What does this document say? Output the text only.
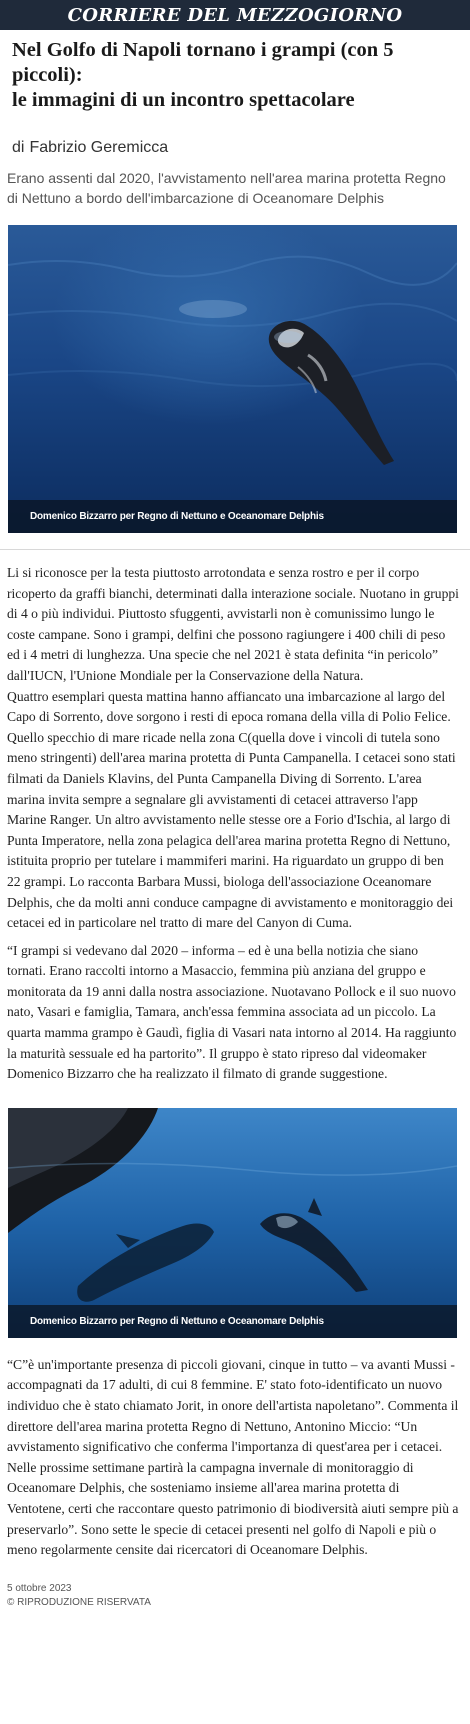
CORRIERE DEL MEZZOGIORNO
Nel Golfo di Napoli tornano i grampi (con 5 piccoli):
le immagini di un incontro spettacolare
di Fabrizio Geremicca

Erano assenti dal 2020, l'avvistamento nell'area marina protetta Regno di Nettuno a bordo dell'imbarcazione di Oceanomare Delphis

Domenico Bizzarro per Regno di Nettuno e Oceanomare Delphis

Li si riconosce per la testa piuttosto arrotondata e senza rostro e per il corpo ricoperto da graffi bianchi, determinati dalla interazione sociale. Nuotano in gruppi di 4 o più individui. Piuttosto sfuggenti, avvistarli non è comunissimo lungo le coste campane. Sono i grampi, delfini che possono ragiungere i 400 chili di peso ed i 4 metri di lunghezza. Una specie che nel 2021 è stata definita “in pericolo” dall'IUCN, l'Unione Mondiale per la Conservazione della Natura.

Quattro esemplari questa mattina hanno affiancato una imbarcazione al largo del Capo di Sorrento, dove sorgono i resti di epoca romana della villa di Polio Felice. Quello specchio di mare ricade nella zona C(quella dove i vincoli di tutela sono meno stringenti) dell'area marina protetta di Punta Campanella. I cetacei sono stati filmati da Daniels Klavins, del Punta Campanella Diving di Sorrento. L'area marina invita sempre a segnalare gli avvistamenti di cetacei attraverso l'app Marine Ranger. Un altro avvistamento nelle stesse ore a Forio d'Ischia, al largo di Punta Imperatore, nella zona pelagica dell'area marina protetta Regno di Nettuno, istituita proprio per tutelare i mammiferi marini. Ha riguardato un gruppo di ben 22 grampi. Lo racconta Barbara Mussi, biologa dell'associazione Oceanomare Delphis, che da molti anni conduce campagne di avvistamento e monitoraggio dei cetacei ed in particolare nel tratto di mare del Canyon di Cuma.

“I grampi si vedevano dal 2020 – informa – ed è una bella notizia che siano tornati. Erano raccolti intorno a Masaccio, femmina più anziana del gruppo e monitorata da 19 anni dalla nostra associazione. Nuotavano Pollock e il suo nuovo nato, Vasari e famiglia, Tamara, anch'essa femmina associata ad un piccolo. La quarta mamma grampo è Gaudì, figlia di Vasari nata intorno al 2014. Ha raggiunto la maturità sessuale ed ha partorito”. Il gruppo è stato ripreso dal videomaker Domenico Bizzarro che ha realizzato il filmato di grande suggestione.

Domenico Bizzarro per Regno di Nettuno e Oceanomare Delphis

“C”è un'importante presenza di piccoli giovani, cinque in tutto – va avanti Mussi - accompagnati da 17 adulti, di cui 8 femmine. E' stato foto-identificato un nuovo individuo che è stato chiamato Jorit, in onore dell'artista napoletano”. Commenta il direttore dell'area marina protetta Regno di Nettuno, Antonino Miccio: “Un avvistamento significativo che conferma l'importanza di quest'area per i cetacei. Nelle prossime settimane partirà la campagna invernale di monitoraggio di Oceanomare Delphis, che sosteniamo insieme all'area marina protetta di Ventotene, certi che raccontare questo patrimonio di biodiversità aiuti sempre più a preservarlo”. Sono sette le specie di cetacei presenti nel golfo di Napoli e più o meno regolarmente censite dai ricercatori di Oceanomare Delphis.

5 ottobre 2023
© RIPRODUZIONE RISERVATA
